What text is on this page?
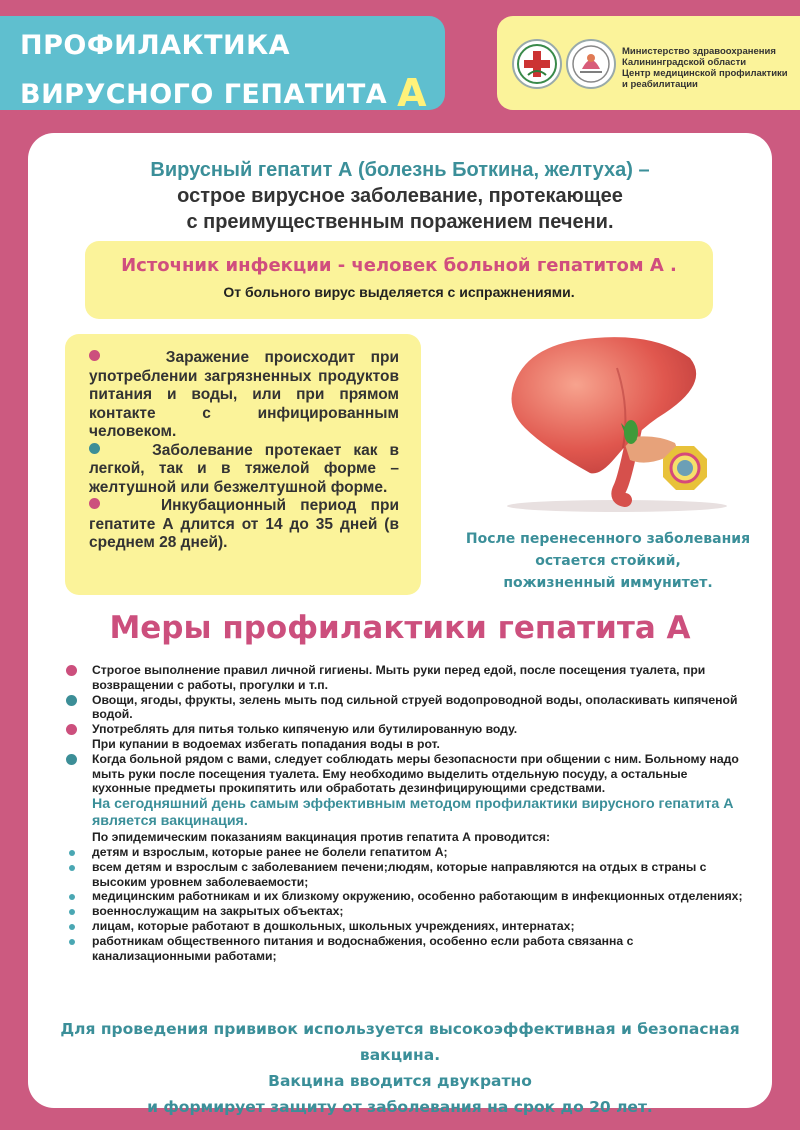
ПРОФИЛАКТИКА
ВИРУСНОГО ГЕПАТИТА А
Министерство здравоохранения
Калининградской области
Центр медицинской профилактики
и реабилитации
Вирусный гепатит А (болезнь Боткина, желтуха) –
острое вирусное заболевание, протекающее
с преимущественным поражением печени.
Источник инфекции - человек больной гепатитом А .
От больного вирус выделяется с испражнениями.

Заражение происходит при употреблении загрязненных продуктов питания и воды, или при прямом контакте с инфицированным человеком.

Заболевание протекает как в легкой, так и в тяжелой форме – желтушной или безжелтушной форме.

Инкубационный период при гепатите А длится от 14 до 35 дней (в среднем 28 дней).	После перенесенного заболевания
остается стойкий,
пожизненный иммунитет.
Меры профилактики гепатита А
Строгое выполнение правил личной гигиены. Мыть руки перед едой, после посещения туалета, при возвращении с работы, прогулки и т.п.
Овощи, ягоды, фрукты, зелень мыть под сильной струей водопроводной воды, ополаскивать кипяченой водой.
Употреблять для питья только кипяченую или бутилированную воду.
При купании в водоемах избегать попадания воды в рот.
Когда больной рядом с вами, следует соблюдать меры безопасности при общении с ним. Больному надо мыть руки после посещения туалета. Ему необходимо выделить отдельную посуду, а остальные кухонные предметы прокипятить или обработать дезинфицирующими средствами.
На сегодняшний день самым эффективным методом профилактики вирусного гепатита А является вакцинация.
По эпидемическим показаниям вакцинация против гепатита А проводится:
детям и взрослым, которые ранее не болели гепатитом А;
всем детям и взрослым с заболеванием печени;людям, которые направляются на отдых в страны с высоким уровнем заболеваемости;
медицинским работникам и их близкому окружению, особенно работающим в инфекционных отделениях;
военнослужащим на закрытых объектах;
лицам, которые работают в дошкольных, школьных учреждениях, интернатах;
работникам общественного питания и водоснабжения, особенно если работа связанна с канализационными работами;
Для проведения прививок используется высокоэффективная и безопасная вакцина.
Вакцина вводится двукратно
и формирует защиту от заболевания на срок до 20 лет.
